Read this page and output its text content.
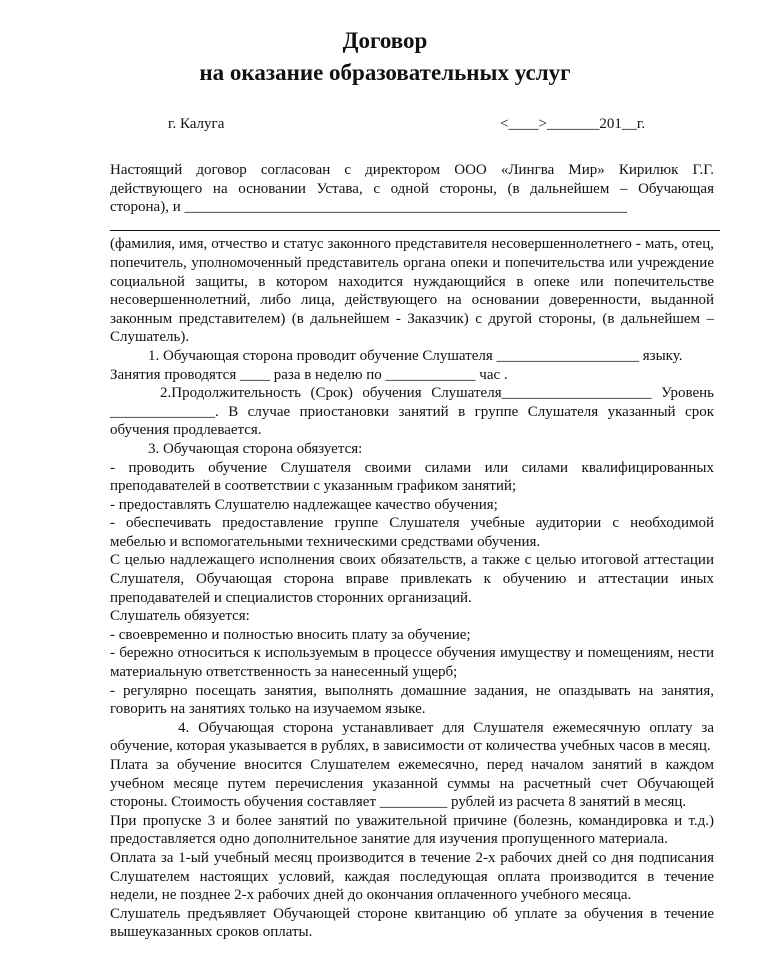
Договор
на оказание образовательных услуг
г. Калуга	<____>_______201__г.

Настоящий договор согласован с директором ООО «Лингва Мир» Кирилюк Г.Г.

действующего на основании Устава, с одной стороны, (в дальнейшем – Обучающая

сторона), и ___________________________________________________________

(фамилия, имя, отчество и статус законного представителя несовершеннолетнего - мать, отец, попечитель, уполномоченный представитель органа опеки и попечительства или учреждение социальной защиты, в котором находится нуждающийся в опеке или попечительстве несовершеннолетний, либо лица, действующего на основании доверенности, выданной законным представителем) (в дальнейшем - Заказчик) с другой стороны, (в дальнейшем – Слушатель).

1. Обучающая сторона проводит обучение Слушателя ___________________ языку.

Занятия проводятся ____ раза в неделю по ____________ час .

2.Продолжительность (Срок) обучения Слушателя____________________ Уровень ______________. В случае приостановки занятий в группе Слушателя указанный срок обучения продлевается.

3. Обучающая сторона обязуется:

- проводить обучение Слушателя своими силами или силами квалифицированных преподавателей в соответствии с указанным графиком занятий;

- предоставлять Слушателю надлежащее качество обучения;

- обеспечивать предоставление группе Слушателя учебные аудитории с необходимой мебелью и вспомогательными техническими средствами обучения.

С целью надлежащего исполнения своих обязательств, а также с целью итоговой аттестации Слушателя, Обучающая сторона вправе привлекать к обучению и аттестации иных преподавателей и специалистов сторонних организаций.

Слушатель обязуется:

- своевременно и полностью вносить плату за обучение;

- бережно относиться к используемым в процессе обучения имуществу и помещениям, нести материальную ответственность за нанесенный ущерб;

- регулярно посещать занятия, выполнять домашние задания, не опаздывать на занятия, говорить на занятиях только на изучаемом языке.

4. Обучающая сторона устанавливает для Слушателя ежемесячную оплату за обучение, которая указывается в рублях, в зависимости от количества учебных часов в месяц.

Плата за обучение вносится Слушателем ежемесячно, перед началом занятий в каждом учебном месяце путем перечисления указанной суммы на расчетный счет Обучающей стороны. Стоимость обучения составляет _________ рублей из расчета 8 занятий в месяц.

При пропуске 3 и более занятий по уважительной причине (болезнь, командировка и т.д.) предоставляется одно дополнительное занятие для изучения пропущенного материала.

Оплата за 1-ый учебный месяц производится в течение 2-х рабочих дней со дня подписания Слушателем настоящих условий, каждая последующая оплата производится в течение недели, не позднее 2-х рабочих дней до окончания оплаченного учебного месяца.

Слушатель предъявляет Обучающей стороне квитанцию об уплате за обучения в течение вышеуказанных сроков оплаты.
